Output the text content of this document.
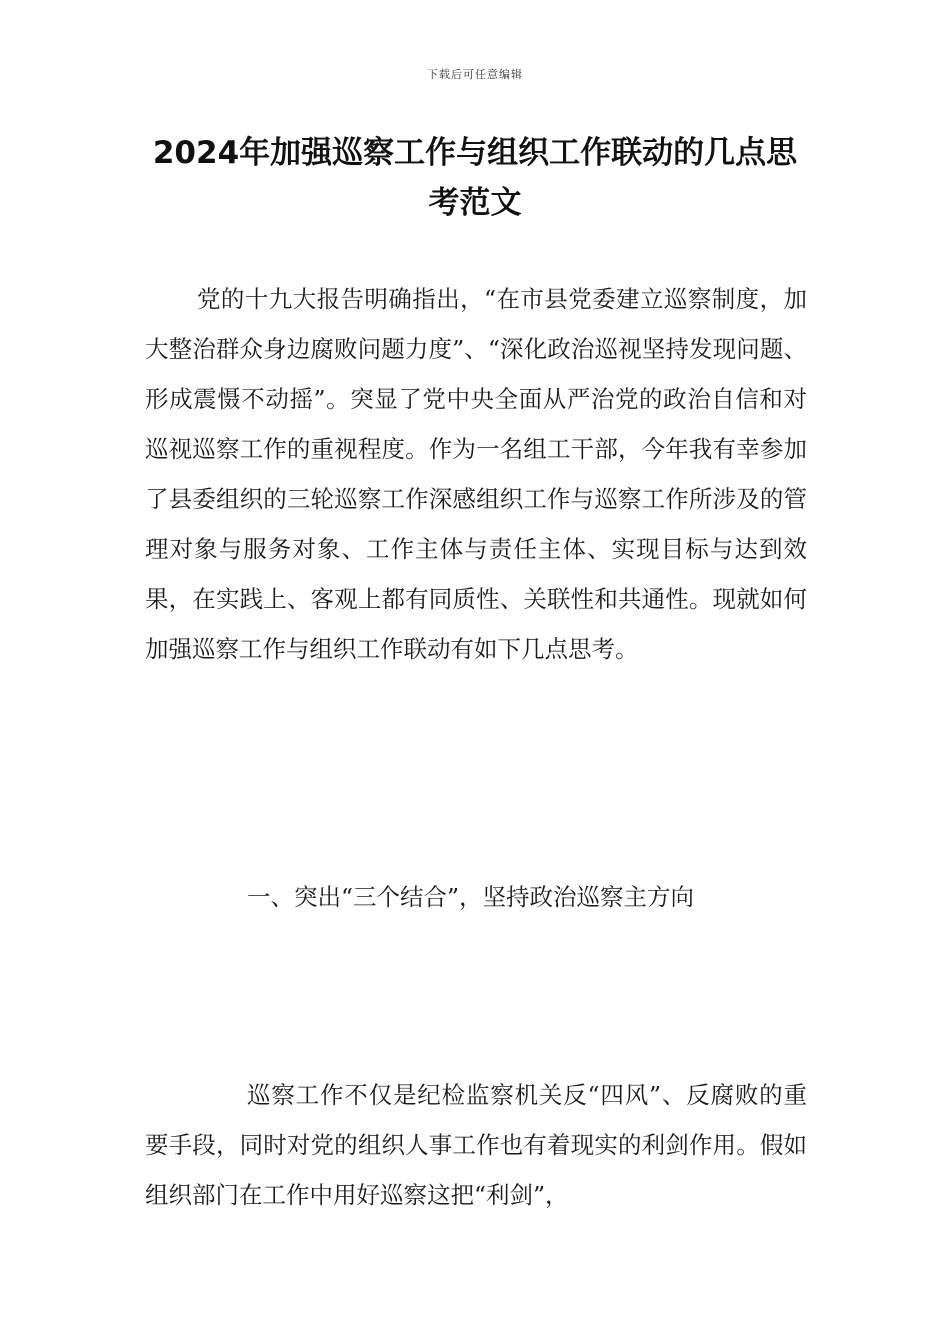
下载后可任意编辑
2024年加强巡察工作与组织工作联动的几点思考范文

党的十九大报告明确指出，“在市县党委建立巡察制度，加大整治群众身边腐败问题力度”、“深化政治巡视坚持发现问题、形成震慑不动摇”。突显了党中央全面从严治党的政治自信和对巡视巡察工作的重视程度。作为一名组工干部，今年我有幸参加了县委组织的三轮巡察工作深感组织工作与巡察工作所涉及的管理对象与服务对象、工作主体与责任主体、实现目标与达到效果，在实践上、客观上都有同质性、关联性和共通性。现就如何加强巡察工作与组织工作联动有如下几点思考。

一、突出“三个结合”，坚持政治巡察主方向

巡察工作不仅是纪检监察机关反“四风”、反腐败的重要手段，同时对党的组织人事工作也有着现实的利剑作用。假如组织部门在工作中用好巡察这把“利剑”，
